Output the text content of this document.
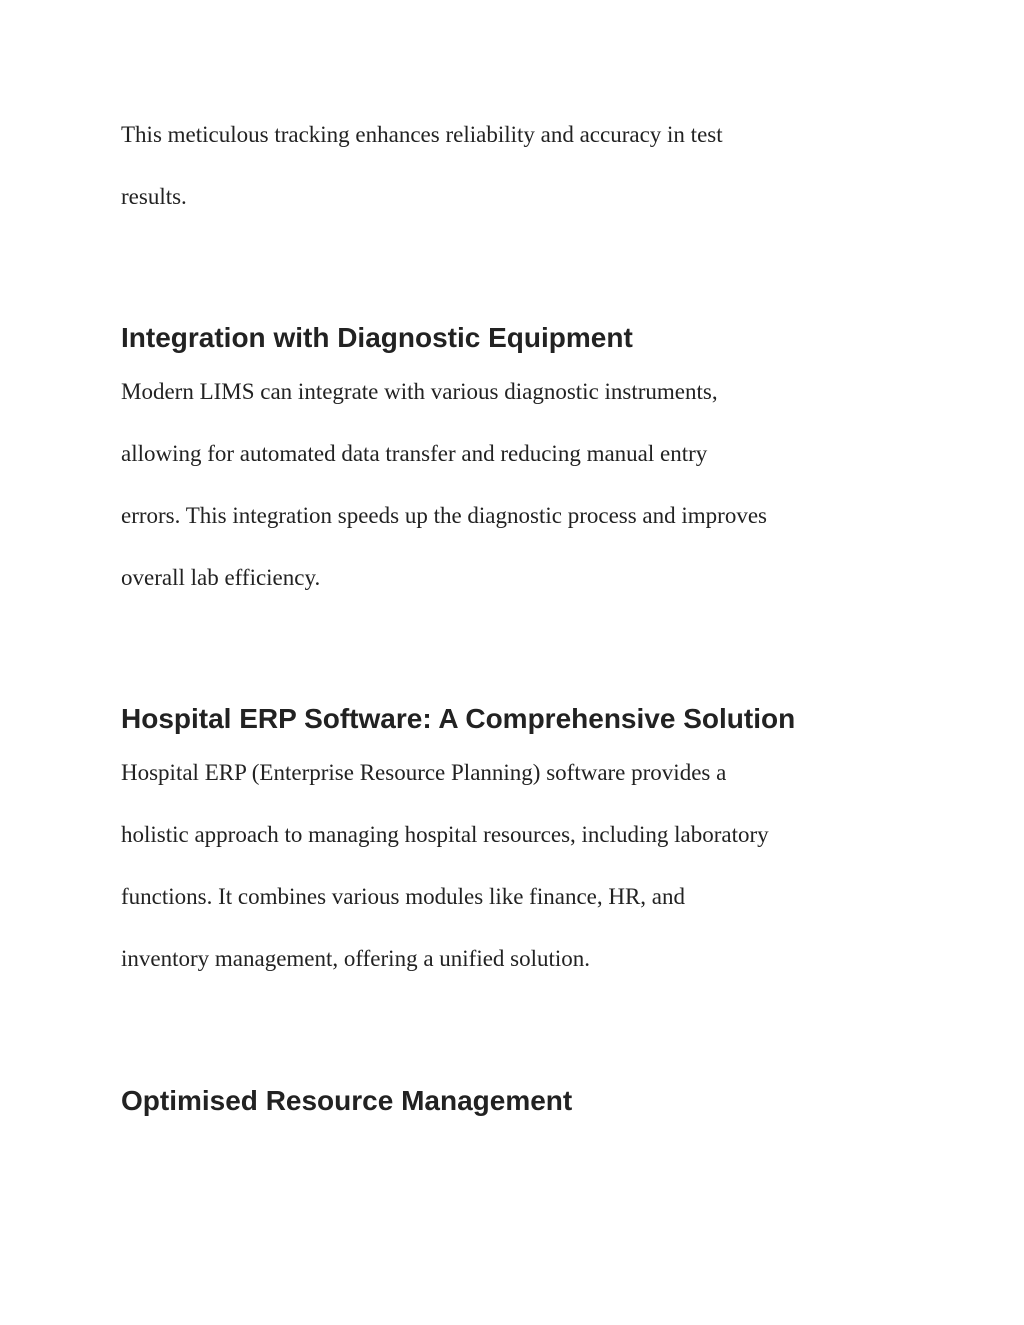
This meticulous tracking enhances reliability and accuracy in test
results.

Integration with Diagnostic Equipment

Modern LIMS can integrate with various diagnostic instruments,
allowing for automated data transfer and reducing manual entry
errors. This integration speeds up the diagnostic process and improves
overall lab efficiency.

Hospital ERP Software: A Comprehensive Solution

Hospital ERP (Enterprise Resource Planning) software provides a
holistic approach to managing hospital resources, including laboratory
functions. It combines various modules like finance, HR, and
inventory management, offering a unified solution.

Optimised Resource Management
